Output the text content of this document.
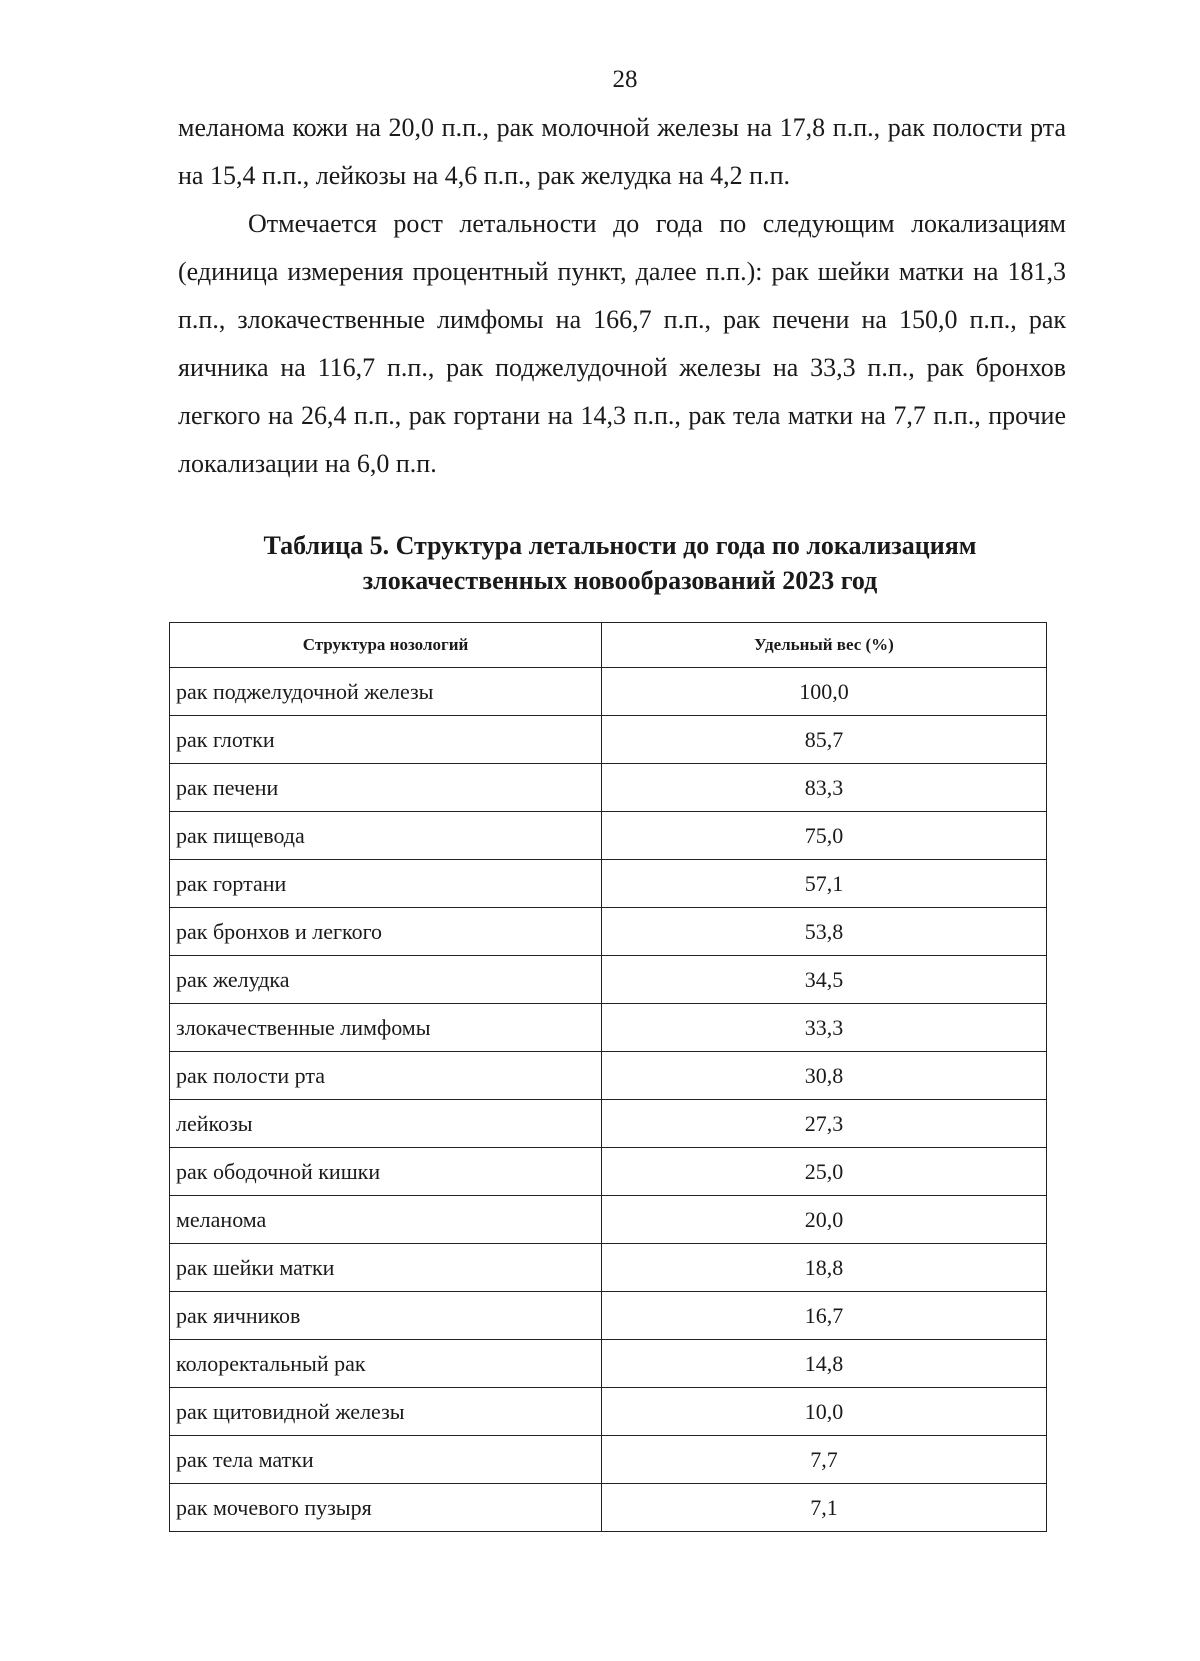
28

меланома кожи на 20,0 п.п., рак молочной железы на 17,8 п.п., рак полости рта на 15,4 п.п., лейкозы на 4,6 п.п., рак желудка на 4,2 п.п.

Отмечается рост летальности до года по следующим локализациям (единица измерения процентный пункт, далее п.п.): рак шейки матки на 181,3 п.п., злокачественные лимфомы на 166,7 п.п., рак печени на 150,0 п.п., рак яичника на 116,7 п.п., рак поджелудочной железы на 33,3 п.п., рак бронхов легкого на 26,4 п.п., рак гортани на 14,3 п.п., рак тела матки на 7,7 п.п., прочие локализации на 6,0 п.п.

Таблица 5. Структура летальности до года по локализациям
злокачественных новообразований 2023 год
Структура нозологий	Удельный вес (%)
рак поджелудочной железы	100,0
рак глотки	85,7
рак печени	83,3
рак пищевода	75,0
рак гортани	57,1
рак бронхов и легкого	53,8
рак желудка	34,5
злокачественные лимфомы	33,3
рак полости рта	30,8
лейкозы	27,3
рак ободочной кишки	25,0
меланома	20,0
рак шейки матки	18,8
рак яичников	16,7
колоректальный рак	14,8
рак щитовидной железы	10,0
рак тела матки	7,7
рак мочевого пузыря	7,1
